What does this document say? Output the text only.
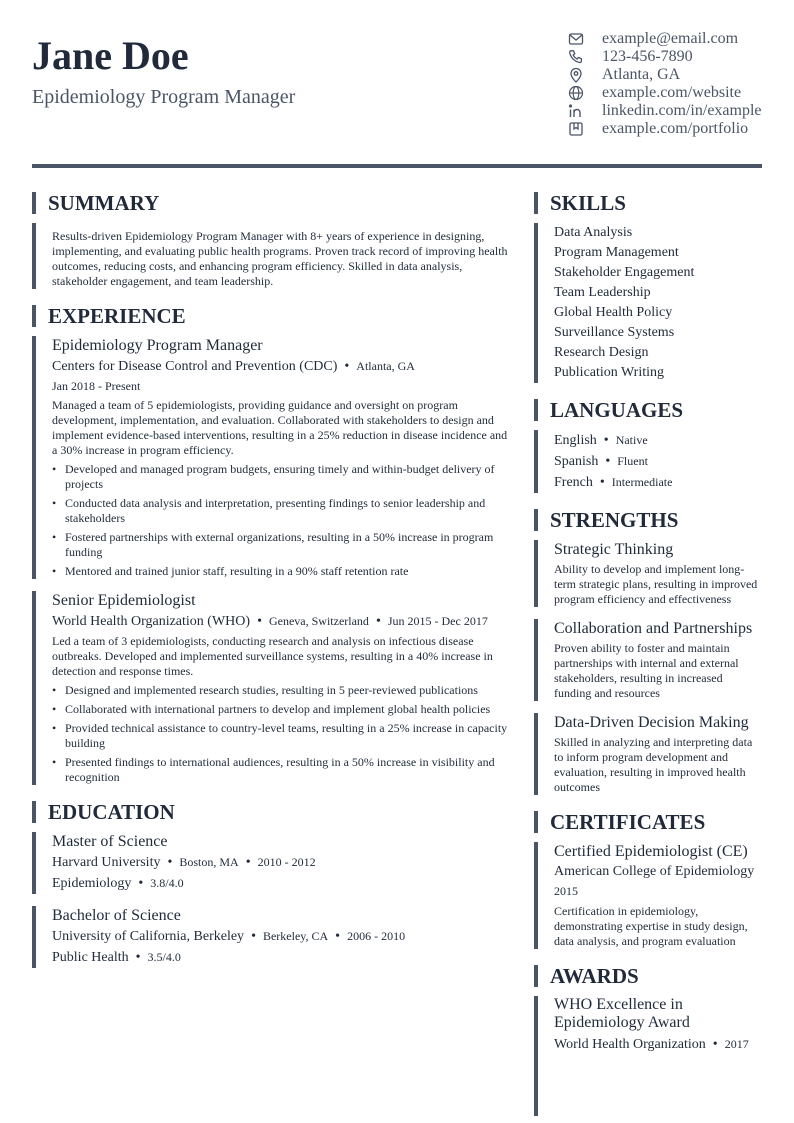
Jane Doe
Epidemiology Program Manager
example@email.com
123-456-7890
Atlanta, GA
example.com/website
linkedin.com/in/example
example.com/portfolio
SUMMARY
Results-driven Epidemiology Program Manager with 8+ years of experience in designing, implementing, and evaluating public health programs. Proven track record of improving health outcomes, reducing costs, and enhancing program efficiency. Skilled in data analysis, stakeholder engagement, and team leadership.
EXPERIENCE
Epidemiology Program Manager
Centers for Disease Control and Prevention (CDC) • Atlanta, GA
Jan 2018 - Present
Managed a team of 5 epidemiologists, providing guidance and oversight on program development, implementation, and evaluation. Collaborated with stakeholders to design and implement evidence-based interventions, resulting in a 25% reduction in disease incidence and a 30% increase in program efficiency.
• Developed and managed program budgets, ensuring timely and within-budget delivery of projects
• Conducted data analysis and interpretation, presenting findings to senior leadership and stakeholders
• Fostered partnerships with external organizations, resulting in a 50% increase in program funding
• Mentored and trained junior staff, resulting in a 90% staff retention rate
Senior Epidemiologist
World Health Organization (WHO) • Geneva, Switzerland • Jun 2015 - Dec 2017
Led a team of 3 epidemiologists, conducting research and analysis on infectious disease outbreaks. Developed and implemented surveillance systems, resulting in a 40% increase in detection and response times.
• Designed and implemented research studies, resulting in 5 peer-reviewed publications
• Collaborated with international partners to develop and implement global health policies
• Provided technical assistance to country-level teams, resulting in a 25% increase in capacity building
• Presented findings to international audiences, resulting in a 50% increase in visibility and recognition
EDUCATION
Master of Science
Harvard University • Boston, MA • 2010 - 2012
Epidemiology • 3.8/4.0
Bachelor of Science
University of California, Berkeley • Berkeley, CA • 2006 - 2010
Public Health • 3.5/4.0
SKILLS
Data Analysis
Program Management
Stakeholder Engagement
Team Leadership
Global Health Policy
Surveillance Systems
Research Design
Publication Writing
LANGUAGES
English • Native
Spanish • Fluent
French • Intermediate
STRENGTHS
Strategic Thinking
Ability to develop and implement long-term strategic plans, resulting in improved program efficiency and effectiveness
Collaboration and Partnerships
Proven ability to foster and maintain partnerships with internal and external stakeholders, resulting in increased funding and resources
Data-Driven Decision Making
Skilled in analyzing and interpreting data to inform program development and evaluation, resulting in improved health outcomes
CERTIFICATES
Certified Epidemiologist (CE)
American College of Epidemiology
2015
Certification in epidemiology, demonstrating expertise in study design, data analysis, and program evaluation
AWARDS
WHO Excellence in Epidemiology Award
World Health Organization • 2017
